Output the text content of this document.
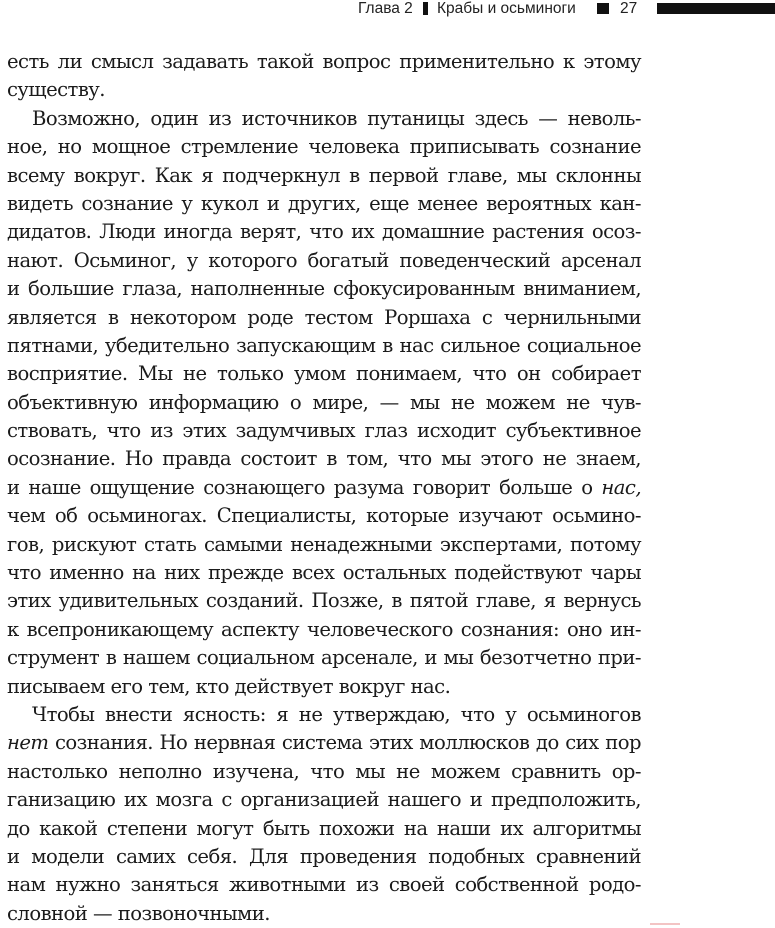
Глава 2 Крабы и осьминоги	27
есть ли смысл задавать такой вопрос применительно к этому
существу.
Возможно, один из источников путаницы здесь — неволь-
ное, но мощное стремление человека приписывать сознание
всему вокруг. Как я подчеркнул в первой главе, мы склонны
видеть сознание у кукол и других, еще менее вероятных кан-
дидатов. Люди иногда верят, что их домашние растения осоз-
нают. Осьминог, у которого богатый поведенческий арсенал
и большие глаза, наполненные сфокусированным вниманием,
является в некотором роде тестом Роршаха с чернильными
пятнами, убедительно запускающим в нас сильное социальное
восприятие. Мы не только умом понимаем, что он собирает
объективную информацию о мире, — мы не можем не чув-
ствовать, что из этих задумчивых глаз исходит субъективное
осознание. Но правда состоит в том, что мы этого не знаем,
и наше ощущение сознающего разума говорит больше о нас,
чем об осьминогах. Специалисты, которые изучают осьмино-
гов, рискуют стать самыми ненадежными экспертами, потому
что именно на них прежде всех остальных подействуют чары
этих удивительных созданий. Позже, в пятой главе, я вернусь
к всепроникающему аспекту человеческого сознания: оно ин-
струмент в нашем социальном арсенале, и мы безотчетно при-
писываем его тем, кто действует вокруг нас.
Чтобы внести ясность: я не утверждаю, что у осьминогов
нет сознания. Но нервная система этих моллюсков до сих пор
настолько неполно изучена, что мы не можем сравнить ор-
ганизацию их мозга с организацией нашего и предположить,
до какой степени могут быть похожи на наши их алгоритмы
и модели самих себя. Для проведения подобных сравнений
нам нужно заняться животными из своей собственной родо-
словной — позвоночными.
